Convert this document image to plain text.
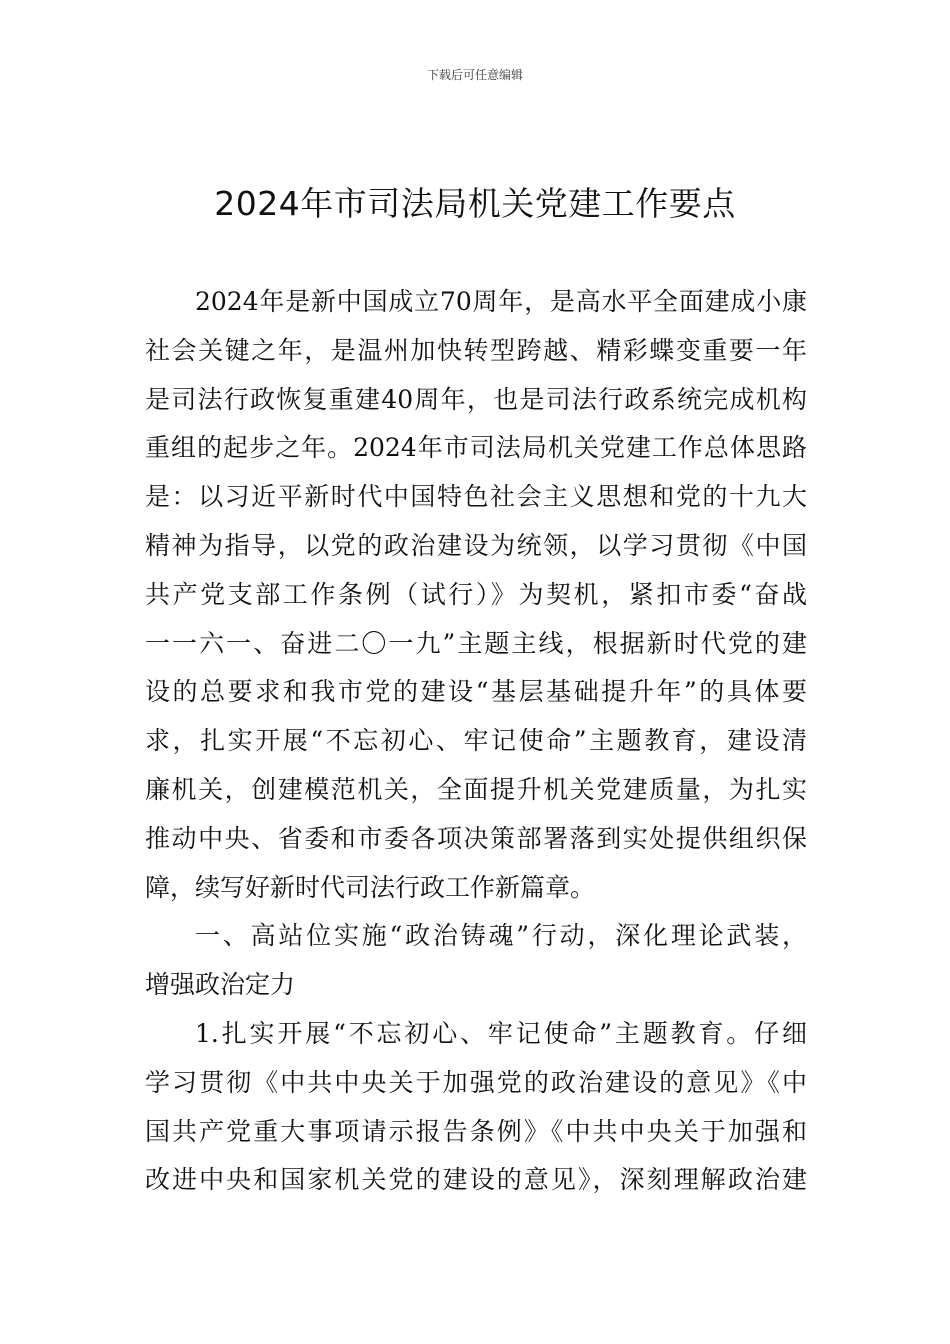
下载后可任意编辑
2024年市司法局机关党建工作要点
2024年是新中国成立70周年，是高水平全面建成小康
社会关键之年，是温州加快转型跨越、精彩蝶变重要一年
是司法行政恢复重建40周年，也是司法行政系统完成机构
重组的起步之年。2024年市司法局机关党建工作总体思路
是：以习近平新时代中国特色社会主义思想和党的十九大
精神为指导，以党的政治建设为统领，以学习贯彻《中国
共产党支部工作条例（试行）》为契机，紧扣市委“奋战
一一六一、奋进二〇一九”主题主线，根据新时代党的建
设的总要求和我市党的建设“基层基础提升年”的具体要
求，扎实开展“不忘初心、牢记使命”主题教育，建设清
廉机关，创建模范机关，全面提升机关党建质量，为扎实
推动中央、省委和市委各项决策部署落到实处提供组织保
障，续写好新时代司法行政工作新篇章。
一、高站位实施“政治铸魂”行动，深化理论武装，
增强政治定力
1.扎实开展“不忘初心、牢记使命”主题教育。仔细
学习贯彻《中共中央关于加强党的政治建设的意见》《中
国共产党重大事项请示报告条例》《中共中央关于加强和
改进中央和国家机关党的建设的意见》，深刻理解政治建
